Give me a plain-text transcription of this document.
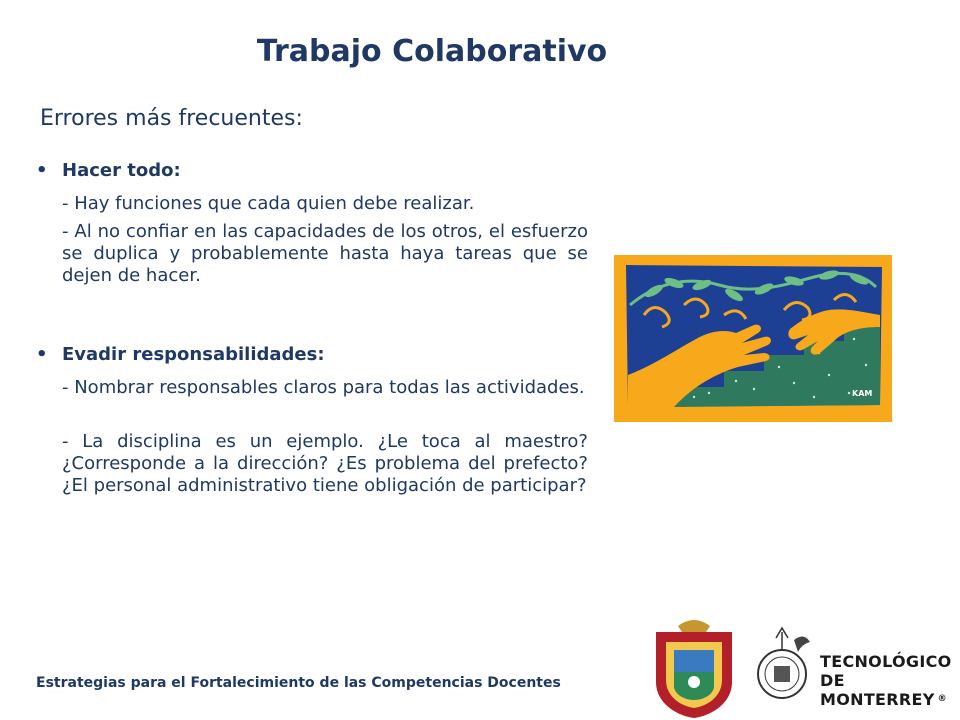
Trabajo Colaborativo
Errores más frecuentes:
• Hacer todo:
- Hay funciones que cada quien debe realizar.
- Al no confiar en las capacidades de los otros, el esfuerzo se duplica y probablemente hasta haya tareas que se dejen de hacer.
• Evadir responsabilidades:
- Nombrar responsables claros para todas las actividades.
- La disciplina es un ejemplo. ¿Le toca al maestro? ¿Corresponde a la dirección? ¿Es problema del prefecto? ¿El personal administrativo tiene obligación de participar?
KAM
Estrategias para el Fortalecimiento de las Competencias Docentes
TECNOLÓGICO
DE MONTERREY ®
